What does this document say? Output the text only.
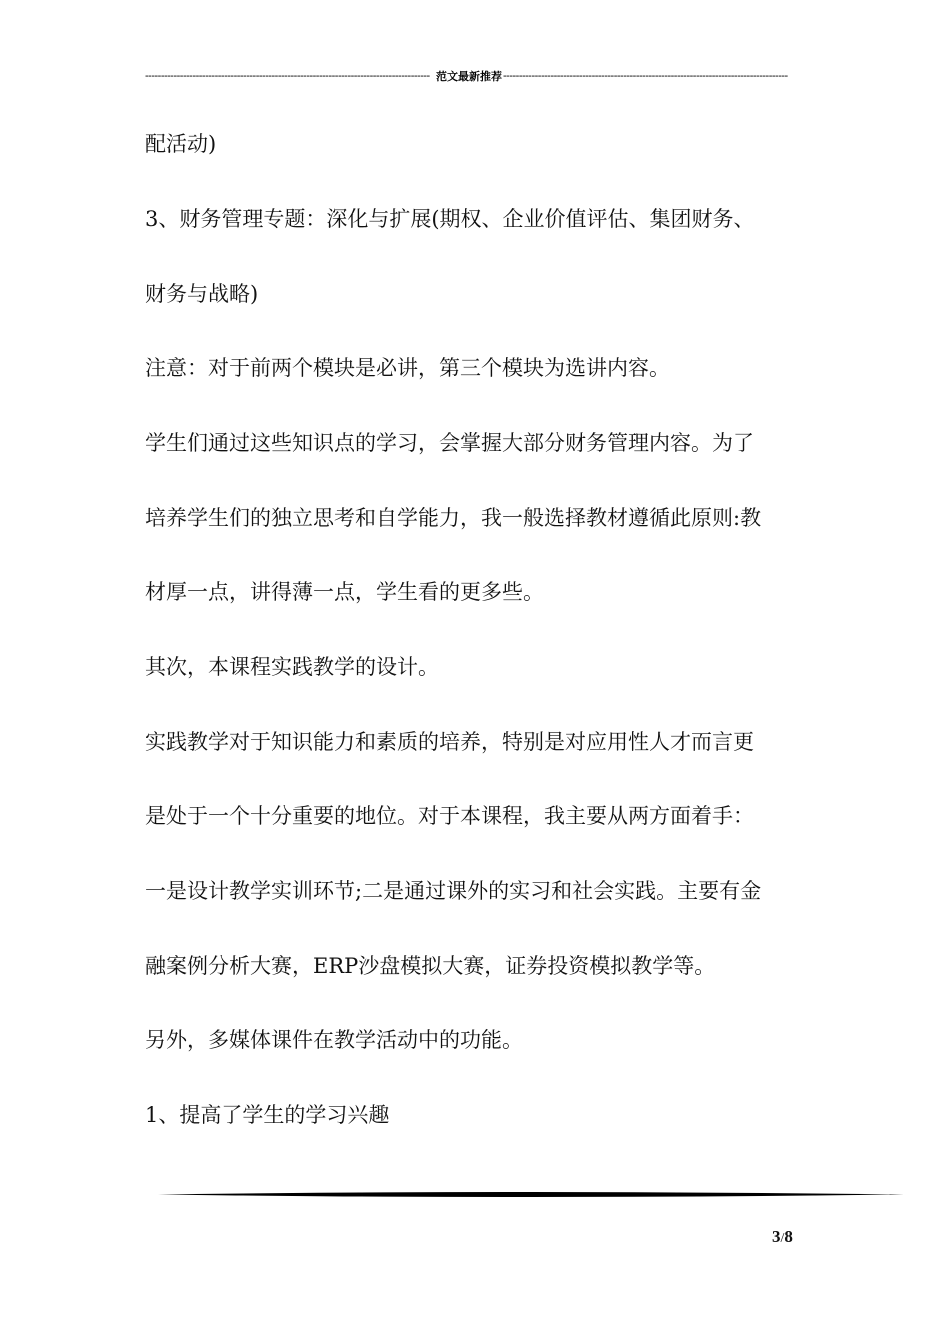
------------------------------------------------------------------------------------------ 范文最新推荐 ------------------------------------------------------------------------------------------
配活动)
3、财务管理专题：深化与扩展(期权、企业价值评估、集团财务、
财务与战略)
注意：对于前两个模块是必讲，第三个模块为选讲内容。
学生们通过这些知识点的学习，会掌握大部分财务管理内容。为了
培养学生们的独立思考和自学能力，我一般选择教材遵循此原则:教
材厚一点，讲得薄一点，学生看的更多些。
其次，本课程实践教学的设计。
实践教学对于知识能力和素质的培养，特别是对应用性人才而言更
是处于一个十分重要的地位。对于本课程，我主要从两方面着手：
一是设计教学实训环节;二是通过课外的实习和社会实践。主要有金
融案例分析大赛，ERP沙盘模拟大赛，证券投资模拟教学等。
另外，多媒体课件在教学活动中的功能。
1、提高了学生的学习兴趣
3/8
